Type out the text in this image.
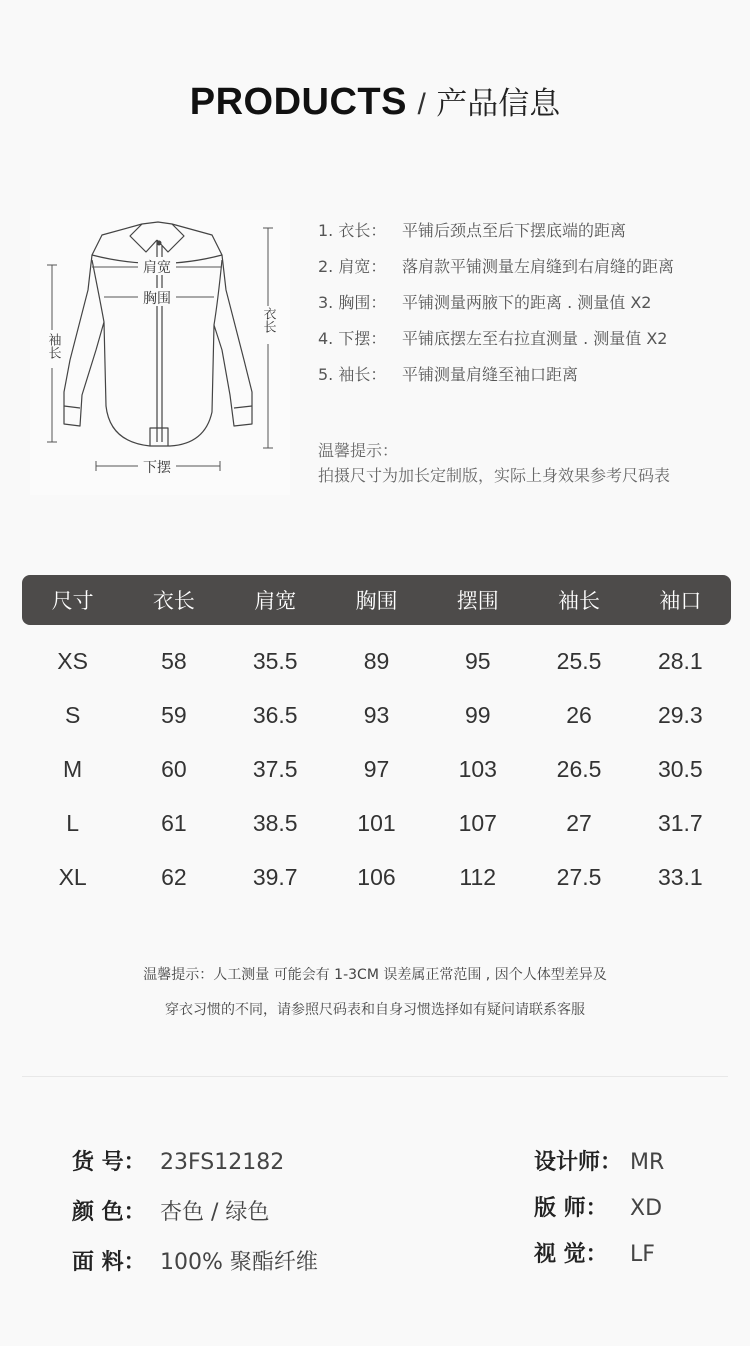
PRODUCTS / 产品信息
肩宽
胸围
袖长
衣长
下摆
1. 衣长： 平铺后颈点至后下摆底端的距离
2. 肩宽： 落肩款平铺测量左肩缝到右肩缝的距离
3. 胸围： 平铺测量两腋下的距离 . 测量值 X2
4. 下摆： 平铺底摆左至右拉直测量 . 测量值 X2
5. 袖长： 平铺测量肩缝至袖口距离
温馨提示：
拍摄尺寸为加长定制版，实际上身效果参考尺码表
尺寸	衣长	肩宽	胸围	摆围	袖长	袖口
XS	58	35.5	89	95	25.5	28.1
S	59	36.5	93	99	26	29.3
M	60	37.5	97	103	26.5	30.5
L	61	38.5	101	107	27	31.7
XL	62	39.7	106	112	27.5	33.1
温馨提示：人工测量 可能会有 1-3CM 误差属正常范围 , 因个人体型差异及
穿衣习惯的不同，请参照尺码表和自身习惯选择如有疑问请联系客服
货 号： 23FS12182
颜 色： 杏色 / 绿色
面 料： 100% 聚酯纤维
设计师： MR
版 师： XD
视 觉： LF
